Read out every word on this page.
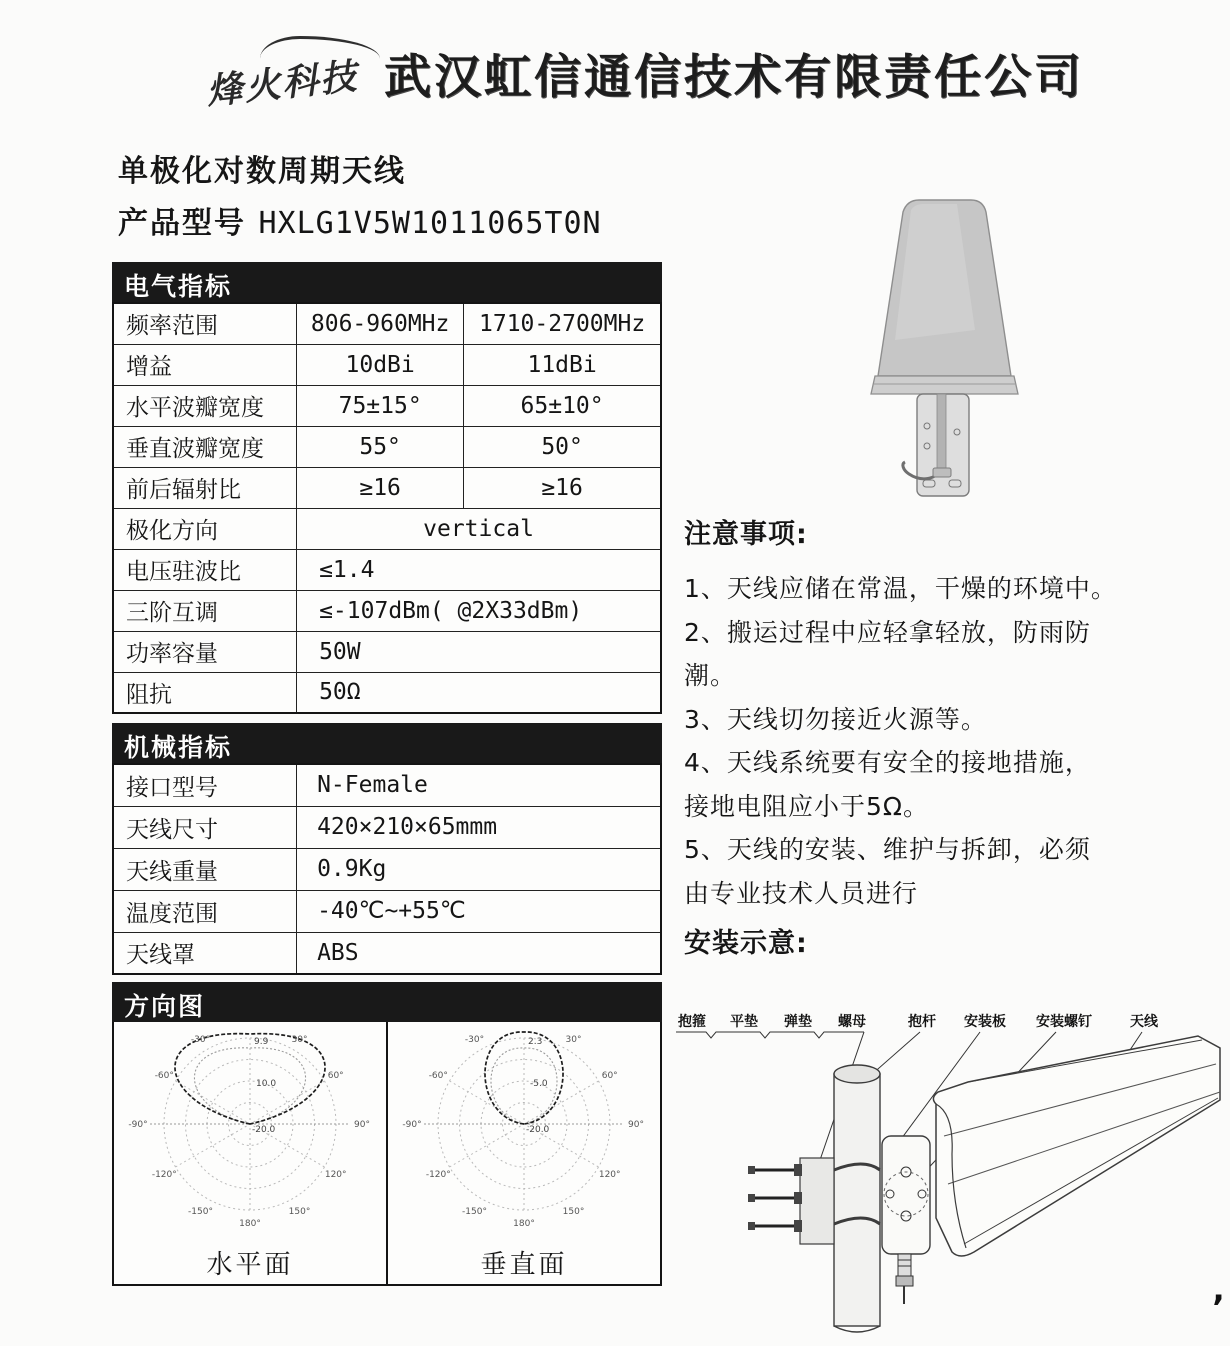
烽火科技 武汉虹信通信技术有限责任公司
单极化对数周期天线
产品型号 HXLG1V5W1011065T0N
电气指标
频率范围	806-960MHz	1710-2700MHz
增益	10dBi	11dBi
水平波瓣宽度	75±15°	65±10°
垂直波瓣宽度	55°	50°
前后辐射比	≥16	≥16
极化方向	vertical	
电压驻波比	≤1.4	
三阶互调	≤-107dBm( @2X33dBm)	
功率容量	50W	
阻抗	50Ω	
机械指标
接口型号	N-Female
天线尺寸	420×210×65mmm
天线重量	0.9Kg
温度范围	-40℃~+55℃
天线罩	ABS
方向图
-30°	30°
-60°	60°
-90°	90°
-120°	120°
-150°	150°
180°
9.9
10.0
-20.0
水平面
-30°	30°
-60°	60°
-90°	90°
-120°	120°
-150°	150°
180°
2.3
-5.0
-20.0
垂直面
注意事项:
1、天线应储在常温，干燥的环境中。
2、搬运过程中应轻拿轻放，防雨防
潮。
3、天线切勿接近火源等。
4、天线系统要有安全的接地措施，
接地电阻应小于5Ω。
5、天线的安装、维护与拆卸，必须
由专业技术人员进行
安装示意:
抱箍 平垫 弹垫 螺母	抱杆 安装板 安装螺钉	天线
’
